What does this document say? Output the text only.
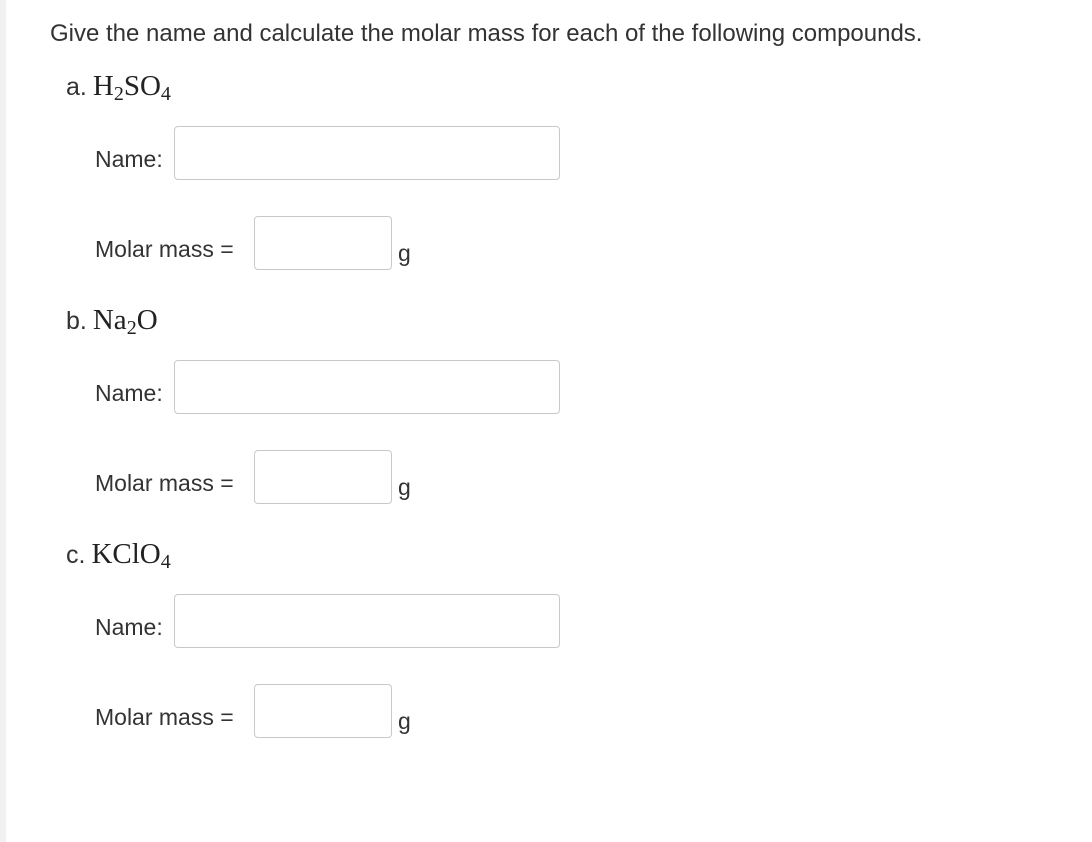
Give the name and calculate the molar mass for each of the following compounds.
a. $H_2SO_4$
Name:
Molar mass =	g
b. $Na_2O$
Name:
Molar mass =	g
c. KClO$_4$
Name:
Molar mass =	g
